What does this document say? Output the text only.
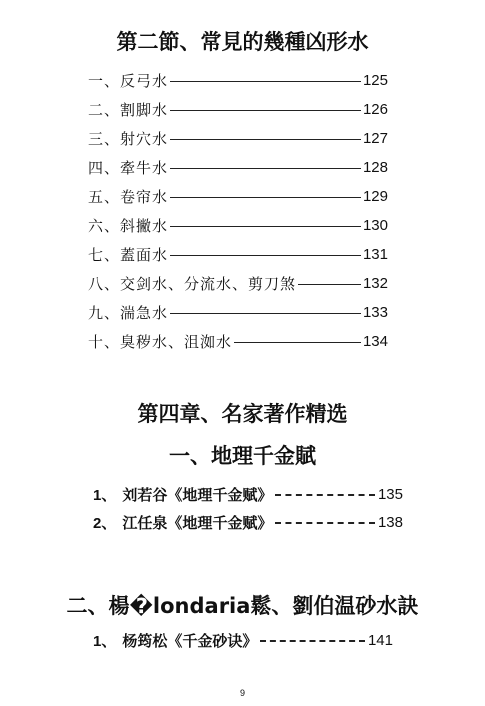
第二節、常見的幾種凶形水
一、 反弓水	125
二、 割脚水	126
三、 射穴水	127
四、 牽牛水	128
五、 卷帘水	129
六、 斜撇水	130
七、 蓋面水	131
八、 交剑水、分流水、剪刀煞	132
九、 湍急水	133
十、 臭秽水、沮洳水	134
第四章、名家著作精选
一、地理千金賦
1、 刘若谷《地理千金赋》	135
2、 江任泉《地理千金赋》	138
二、楊�londaria鬆、劉伯温砂水訣
1、 杨筠松《千金砂诀》	141
9
